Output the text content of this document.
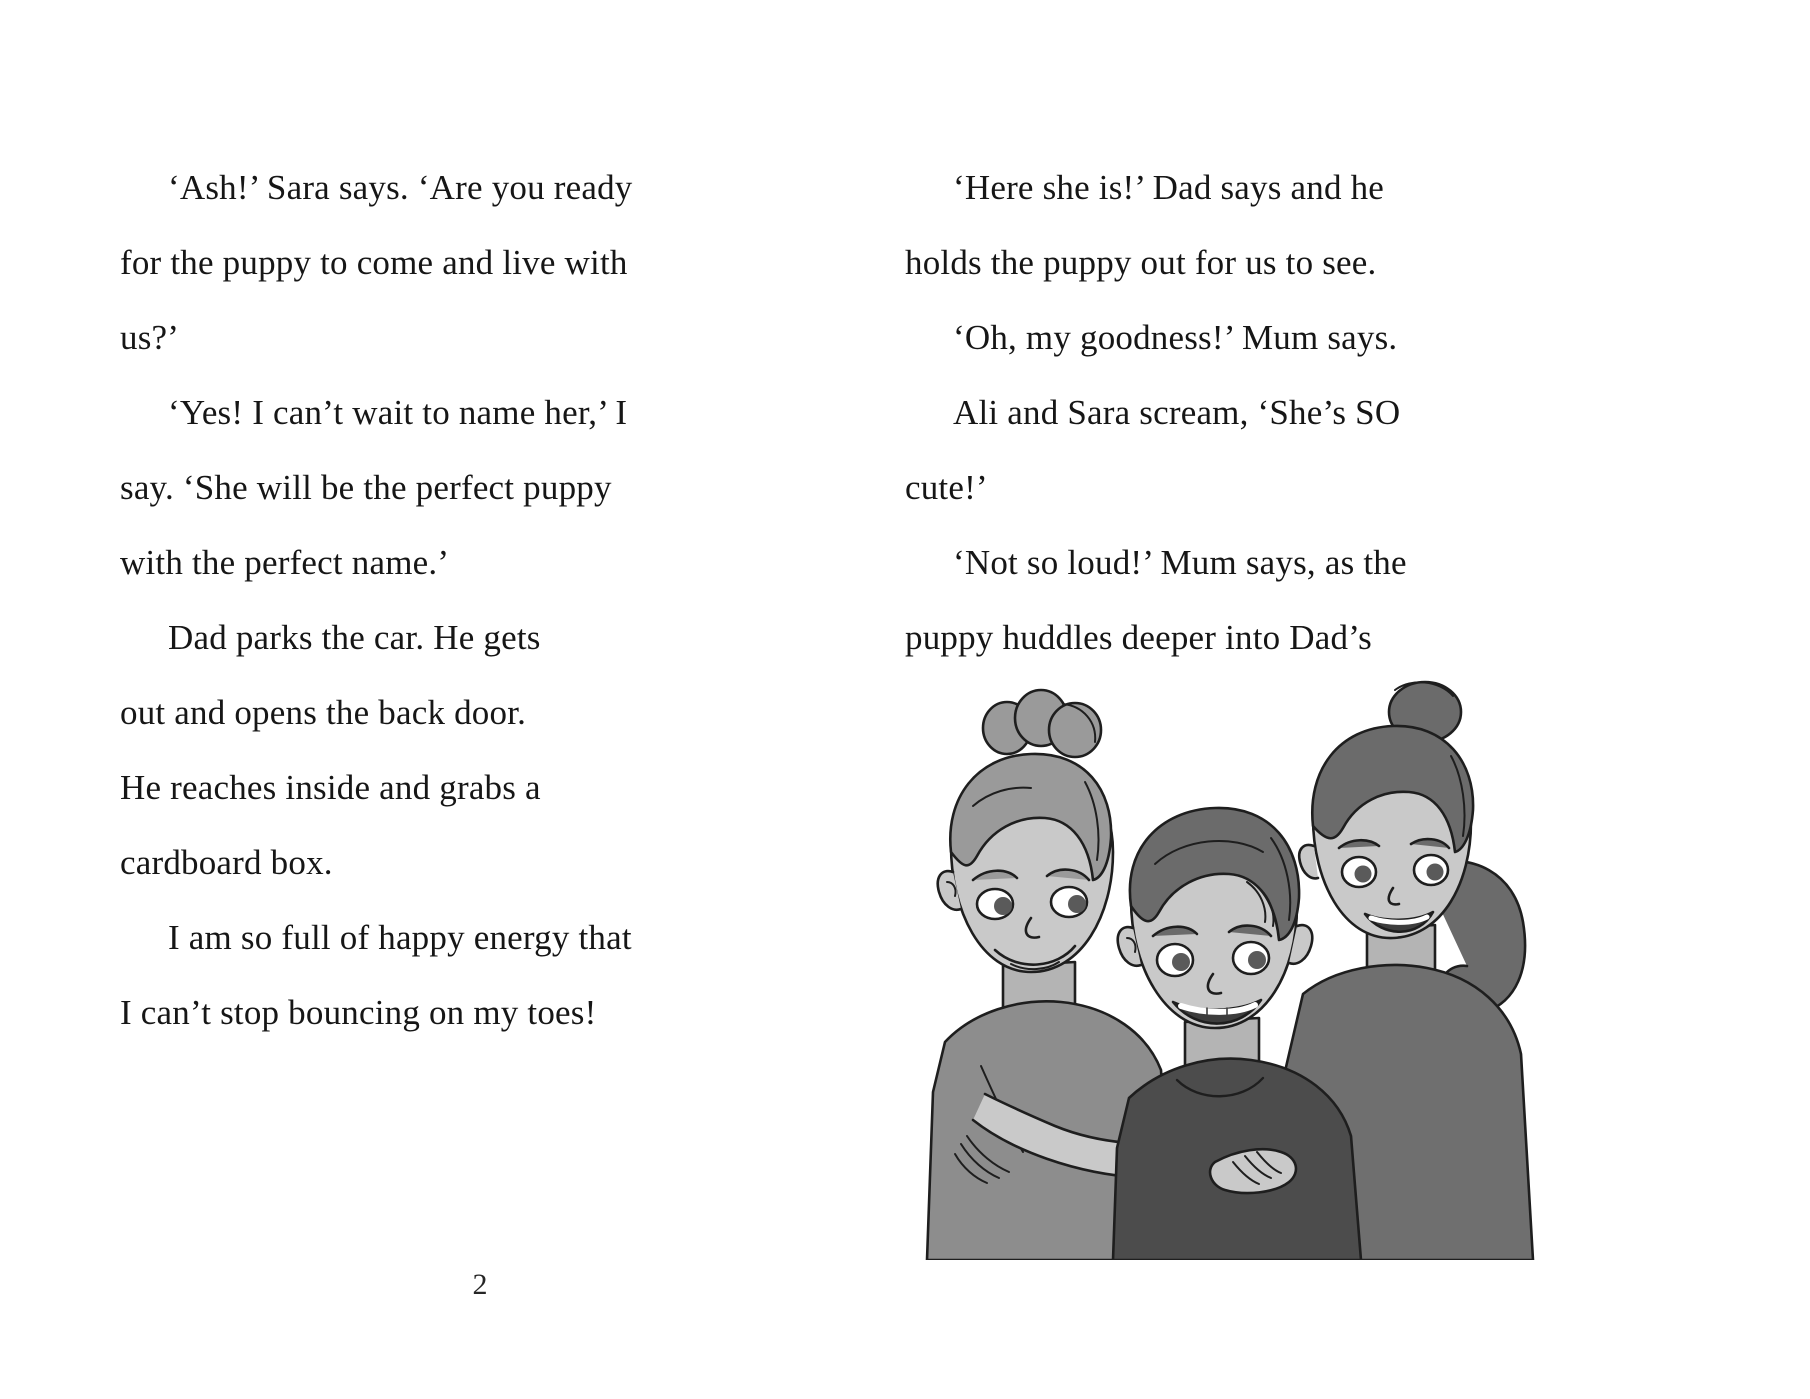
‘Ash!’ Sara says. ‘Are you ready
for the puppy to come and live with
us?’
‘Yes! I can’t wait to name her,’ I
say. ‘She will be the perfect puppy
with the perfect name.’
Dad parks the car. He gets
out and opens the back door.
He reaches inside and grabs a
cardboard box.
I am so full of happy energy that
I can’t stop bouncing on my toes!
2
‘Here she is!’ Dad says and he
holds the puppy out for us to see.
‘Oh, my goodness!’ Mum says.
Ali and Sara scream, ‘She’s SO
cute!’
‘Not so loud!’ Mum says, as the
puppy huddles deeper into Dad’s
